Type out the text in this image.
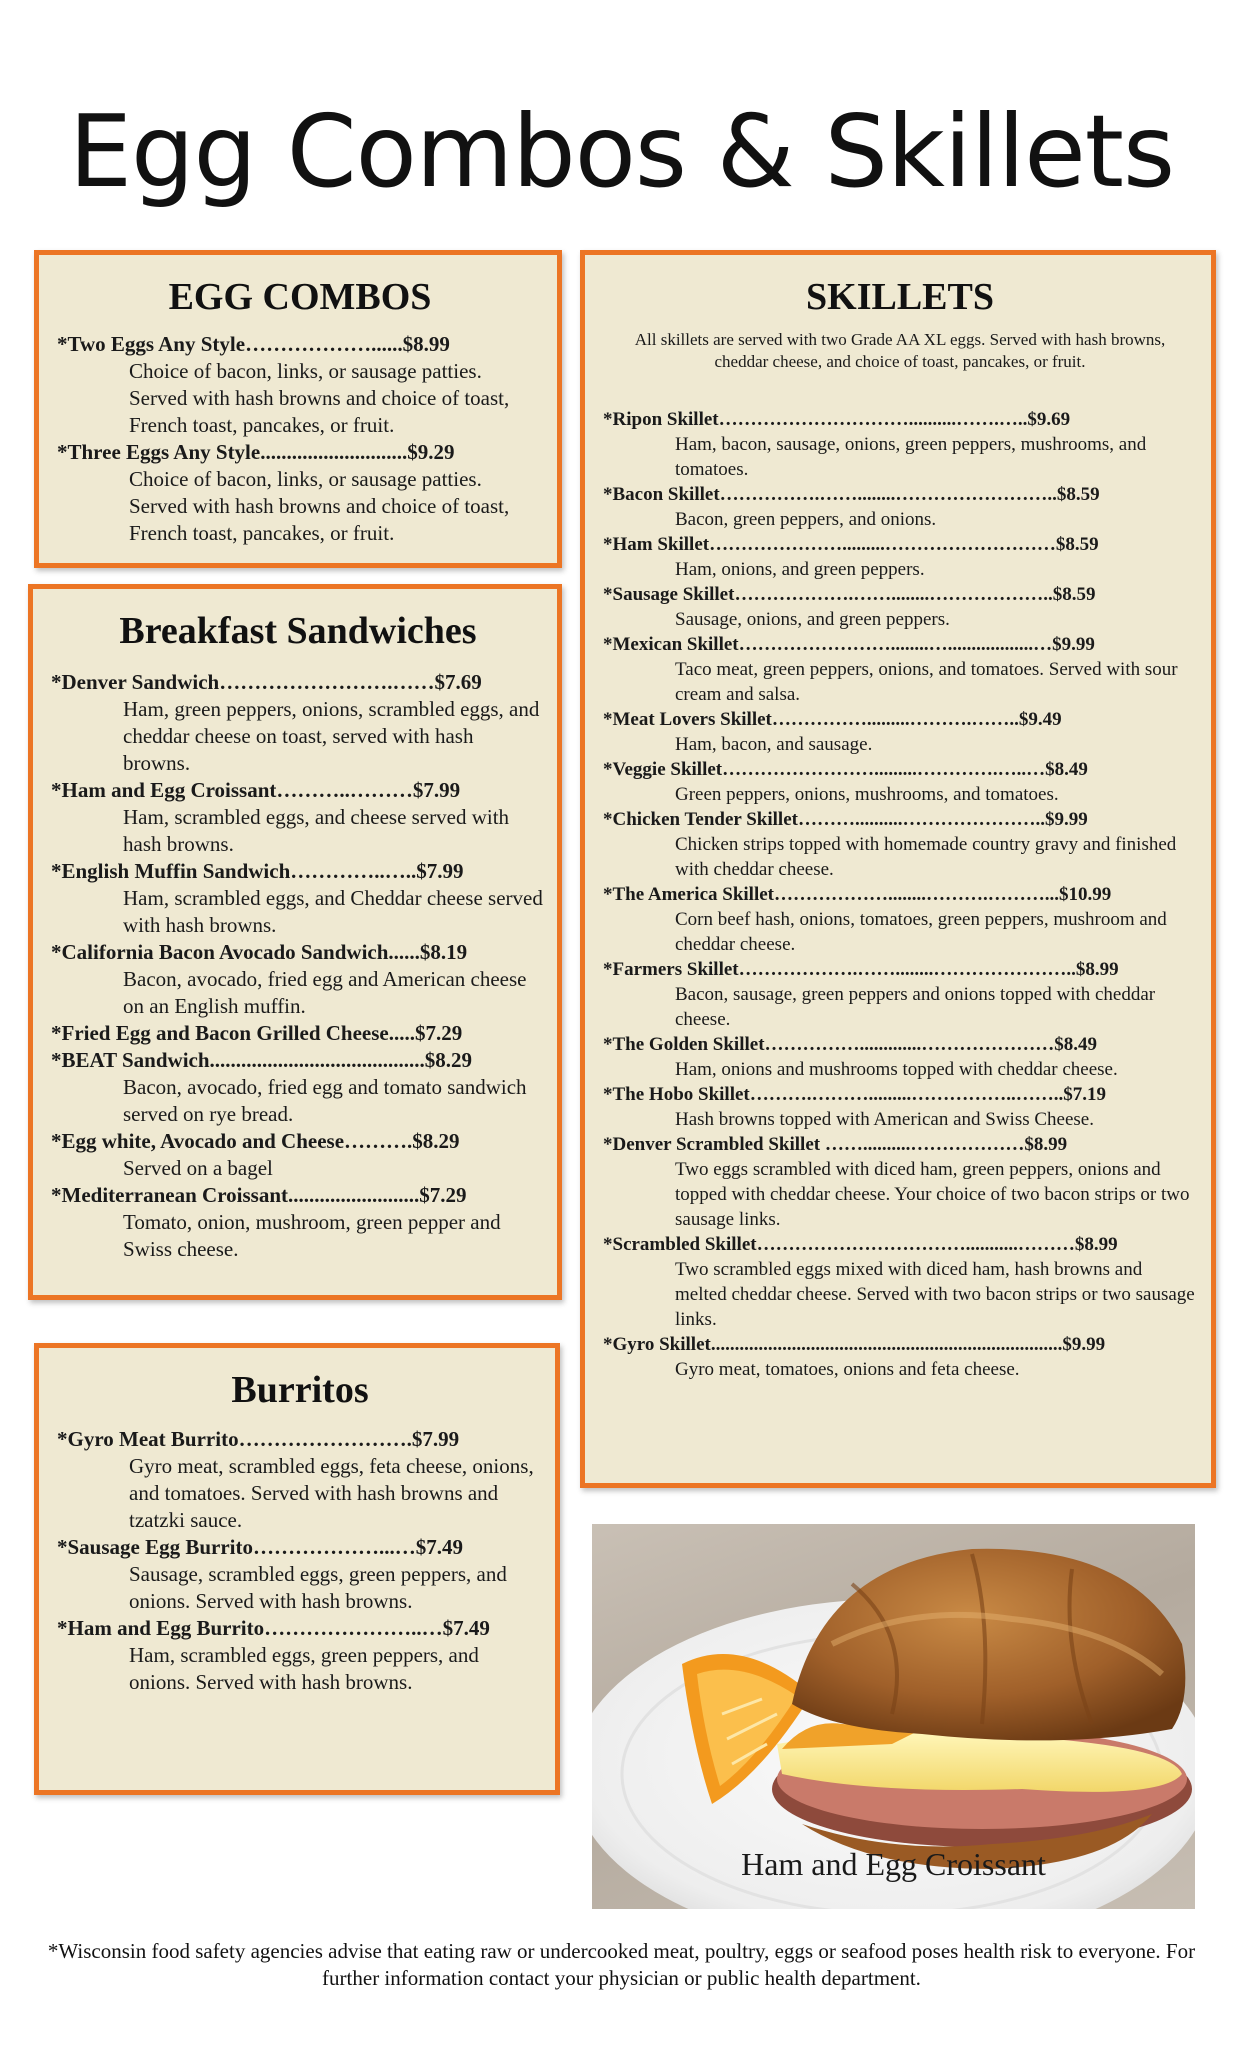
Egg Combos & Skillets
EGG COMBOS
*Two Eggs Any Style………………......$8.99
Choice of bacon, links, or sausage patties. Served with hash browns and choice of toast, French toast, pancakes, or fruit.
*Three Eggs Any Style............................$9.29
Choice of bacon, links, or sausage patties. Served with hash browns and choice of toast, French toast, pancakes, or fruit.
Breakfast Sandwiches
*Denver Sandwich…………………….……$7.69
Ham, green peppers, onions, scrambled eggs, and cheddar cheese on toast, served with hash browns.
*Ham and Egg Croissant………..………$7.99
Ham, scrambled eggs, and cheese served with hash browns.
*English Muffin Sandwich…………..…..$7.99
Ham, scrambled eggs, and Cheddar cheese served with hash browns.
*California Bacon Avocado Sandwich......$8.19
Bacon, avocado, fried egg and American cheese on an English muffin.
*Fried Egg and Bacon Grilled Cheese.....$7.29
*BEAT Sandwich.........................................$8.29
Bacon, avocado, fried egg and tomato sandwich served on rye bread.
*Egg white, Avocado and Cheese……….$8.29
Served on a bagel
*Mediterranean Croissant.........................$7.29
Tomato, onion, mushroom, green pepper and Swiss cheese.
Burritos
*Gyro Meat Burrito…………………….$7.99
Gyro meat, scrambled eggs, feta cheese, onions, and tomatoes. Served with hash browns and tzatzki sauce.
*Sausage Egg Burrito………………...…$7.49
Sausage, scrambled eggs, green peppers, and onions. Served with hash browns.
*Ham and Egg Burrito…………………..…$7.49
Ham, scrambled eggs, green peppers, and onions. Served with hash browns.
SKILLETS
All skillets are served with two Grade AA XL eggs. Served with hash browns, cheddar cheese, and choice of toast, pancakes, or fruit.
*Ripon Skillet…………………………..........…….…..$9.69
Ham, bacon, sausage, onions, green peppers, mushrooms, and tomatoes.
*Bacon Skillet…………….……........……………………..$8.59
Bacon, green peppers, and onions.
*Ham Skillet………………….........………………………$8.59
Ham, onions, and green peppers.
*Sausage Skillet……………….……........………………..$8.59
Sausage, onions, and green peppers.
*Mexican Skillet……………………........…..................…$9.99
Taco meat, green peppers, onions, and tomatoes. Served with sour cream and salsa.
*Meat Lovers Skillet…………….........……….……..$9.49
Ham, bacon, and sausage.
*Veggie Skillet…………………….........………….…..…$8.49
Green peppers, onions, mushrooms, and tomatoes.
*Chicken Tender Skillet………..........…………………..$9.99
Chicken strips topped with homemade country gravy and finished with cheddar cheese.
*The America Skillet………………........……….………...$10.99
Corn beef hash, onions, tomatoes, green peppers, mushroom and cheddar cheese.
*Farmers Skillet……………….……........…………………..$8.99
Bacon, sausage, green peppers and onions topped with cheddar cheese.
*The Golden Skillet…………….............…………………$8.49
Ham, onions and mushrooms topped with cheddar cheese.
*The Hobo Skillet……….……….........……………..……..$7.19
Hash browns topped with American and Swiss Cheese.
*Denver Scrambled Skillet ……..........………………$8.99
Two eggs scrambled with diced ham, green peppers, onions and topped with cheddar cheese. Your choice of two bacon strips or two sausage links.
*Scrambled Skillet……………………………...........………$8.99
Two scrambled eggs mixed with diced ham, hash browns and melted cheddar cheese. Served with two bacon strips or two sausage links.
*Gyro Skillet..........................................................................$9.99
Gyro meat, tomatoes, onions and feta cheese.
Ham and Egg Croissant
*Wisconsin food safety agencies advise that eating raw or undercooked meat, poultry, eggs or seafood poses health risk to everyone. For further information contact your physician or public health department.
